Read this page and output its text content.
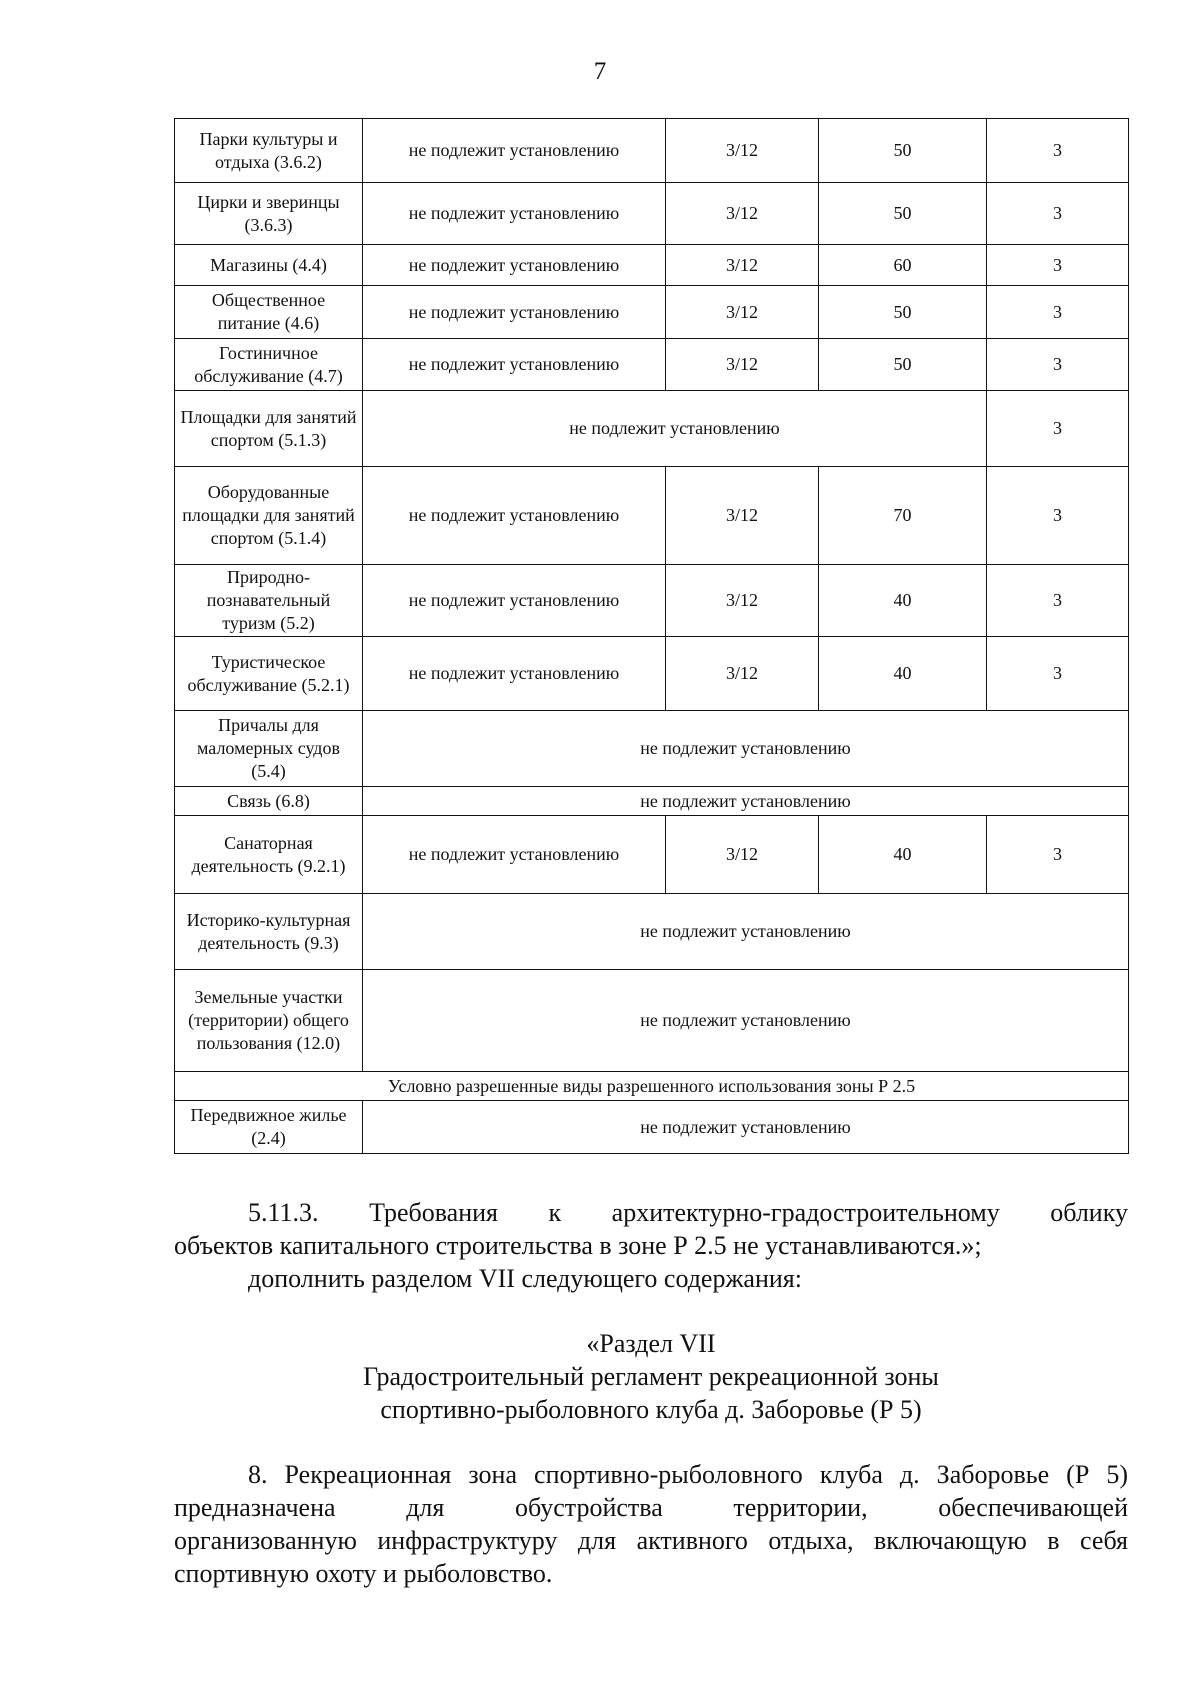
7
Парки культуры и отдыха (3.6.2)	не подлежит установлению	3/12	50	3
Цирки и зверинцы (3.6.3)	не подлежит установлению	3/12	50	3
Магазины (4.4)	не подлежит установлению	3/12	60	3
Общественное питание (4.6)	не подлежит установлению	3/12	50	3
Гостиничное обслуживание (4.7)	не подлежит установлению	3/12	50	3
Площадки для занятий спортом (5.1.3)	не подлежит установлению			3
Оборудованные площадки для занятий спортом (5.1.4)	не подлежит установлению	3/12	70	3
Природно-познавательный туризм (5.2)	не подлежит установлению	3/12	40	3
Туристическое обслуживание (5.2.1)	не подлежит установлению	3/12	40	3
Причалы для маломерных судов (5.4)	не подлежит установлению			
Связь (6.8)	не подлежит установлению			
Санаторная деятельность (9.2.1)	не подлежит установлению	3/12	40	3
Историко-культурная деятельность (9.3)	не подлежит установлению			
Земельные участки (территории) общего пользования (12.0)	не подлежит установлению			
Условно разрешенные виды разрешенного использования зоны Р 2.5				
Передвижное жилье (2.4)	не подлежит установлению			

5.11.3. Требования к архитектурно-градостроительному облику

объектов капитального строительства в зоне Р 2.5 не устанавливаются.»;

дополнить разделом VII следующего содержания:

«Раздел VII

Градостроительный регламент рекреационной зоны

спортивно-рыболовного клуба д. Заборовье (Р 5)

8. Рекреационная зона спортивно-рыболовного клуба д. Заборовье (Р 5)

предназначена для обустройства территории, обеспечивающей

организованную инфраструктуру для активного отдыха, включающую в себя

спортивную охоту и рыболовство.
